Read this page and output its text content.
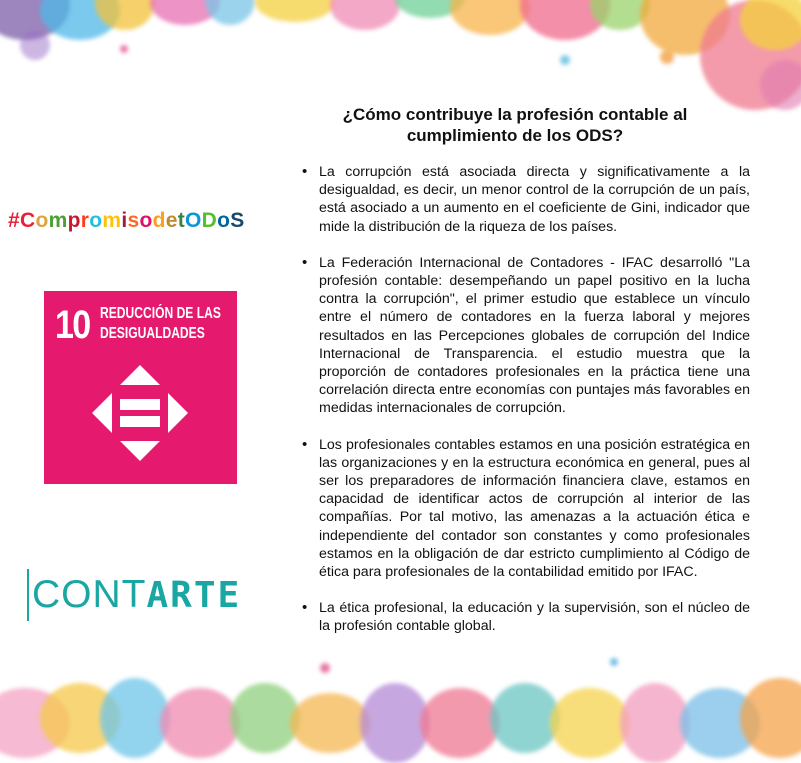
¿Cómo contribuye la profesión contable al cumplimiento de los ODS?
#CompromisodetODoS
10 REDUCCIÓN DE LAS
DESIGUALDADES
CONTARTE
• La corrupción está asociada directa y significativamente a la desigualdad, es decir, un menor control de la corrupción de un país, está asociado a un aumento en el coeficiente de Gini, indicador que mide la distribución de la riqueza de los países.
• La Federación Internacional de Contadores - IFAC desarrolló "La profesión contable: desempeñando un papel positivo en la lucha contra la corrupción", el primer estudio que establece un vínculo entre el número de contadores en la fuerza laboral y mejores resultados en las Percepciones globales de corrupción del Indice Internacional de Transparencia. el estudio muestra que la proporción de contadores profesionales en la práctica tiene una correlación directa entre economías con puntajes más favorables en medidas internacionales de corrupción.
• Los profesionales contables estamos en una posición estratégica en las organizaciones y en la estructura económica en general, pues al ser los preparadores de información financiera clave, estamos en capacidad de identificar actos de corrupción al interior de las compañías. Por tal motivo, las amenazas a la actuación ética e independiente del contador son constantes y como profesionales estamos en la obligación de dar estricto cumplimiento al Código de ética para profesionales de la contabilidad emitido por IFAC.
• La ética profesional, la educación y la supervisión, son el núcleo de la profesión contable global.
